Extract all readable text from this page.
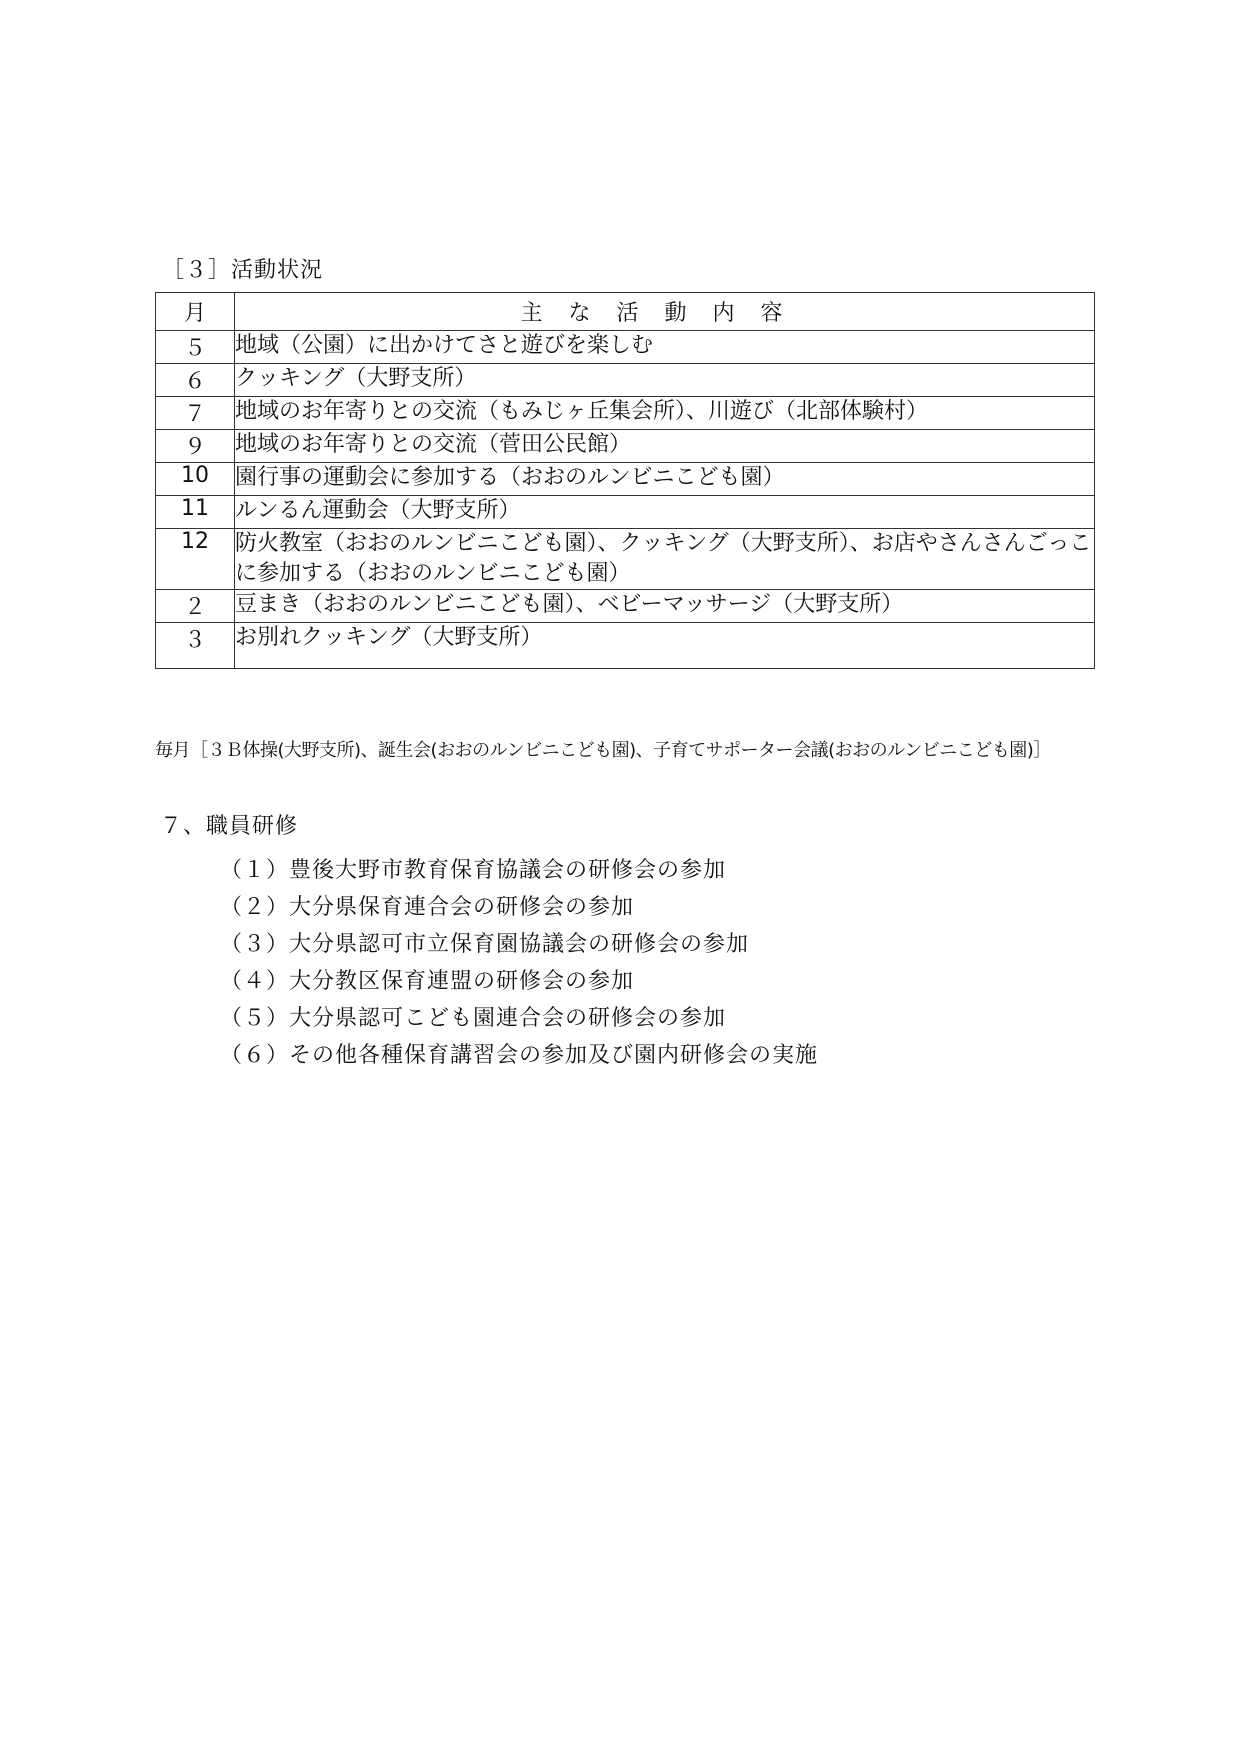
［３］活動状況
月	主な活動内容
５	地域（公園）に出かけてさと遊びを楽しむ
６	クッキング（大野支所）
７	地域のお年寄りとの交流（もみじヶ丘集会所）、川遊び（北部体験村）
９	地域のお年寄りとの交流（菅田公民館）
10	園行事の運動会に参加する（おおのルンビニこども園）
11	ルンるん運動会（大野支所）
12	防火教室（おおのルンビニこども園）、クッキング（大野支所）、お店やさんさんごっこに参加する（おおのルンビニこども園）
２	豆まき（おおのルンビニこども園）、ベビーマッサージ（大野支所）
３	お別れクッキング（大野支所）
毎月［３Ｂ体操(大野支所)、誕生会(おおのルンビニこども園)、子育てサポーター会議(おおのルンビニこども園)］
７、職員研修
（１）豊後大野市教育保育協議会の研修会の参加
（２）大分県保育連合会の研修会の参加
（３）大分県認可市立保育園協議会の研修会の参加
（４）大分教区保育連盟の研修会の参加
（５）大分県認可こども園連合会の研修会の参加
（６）その他各種保育講習会の参加及び園内研修会の実施
